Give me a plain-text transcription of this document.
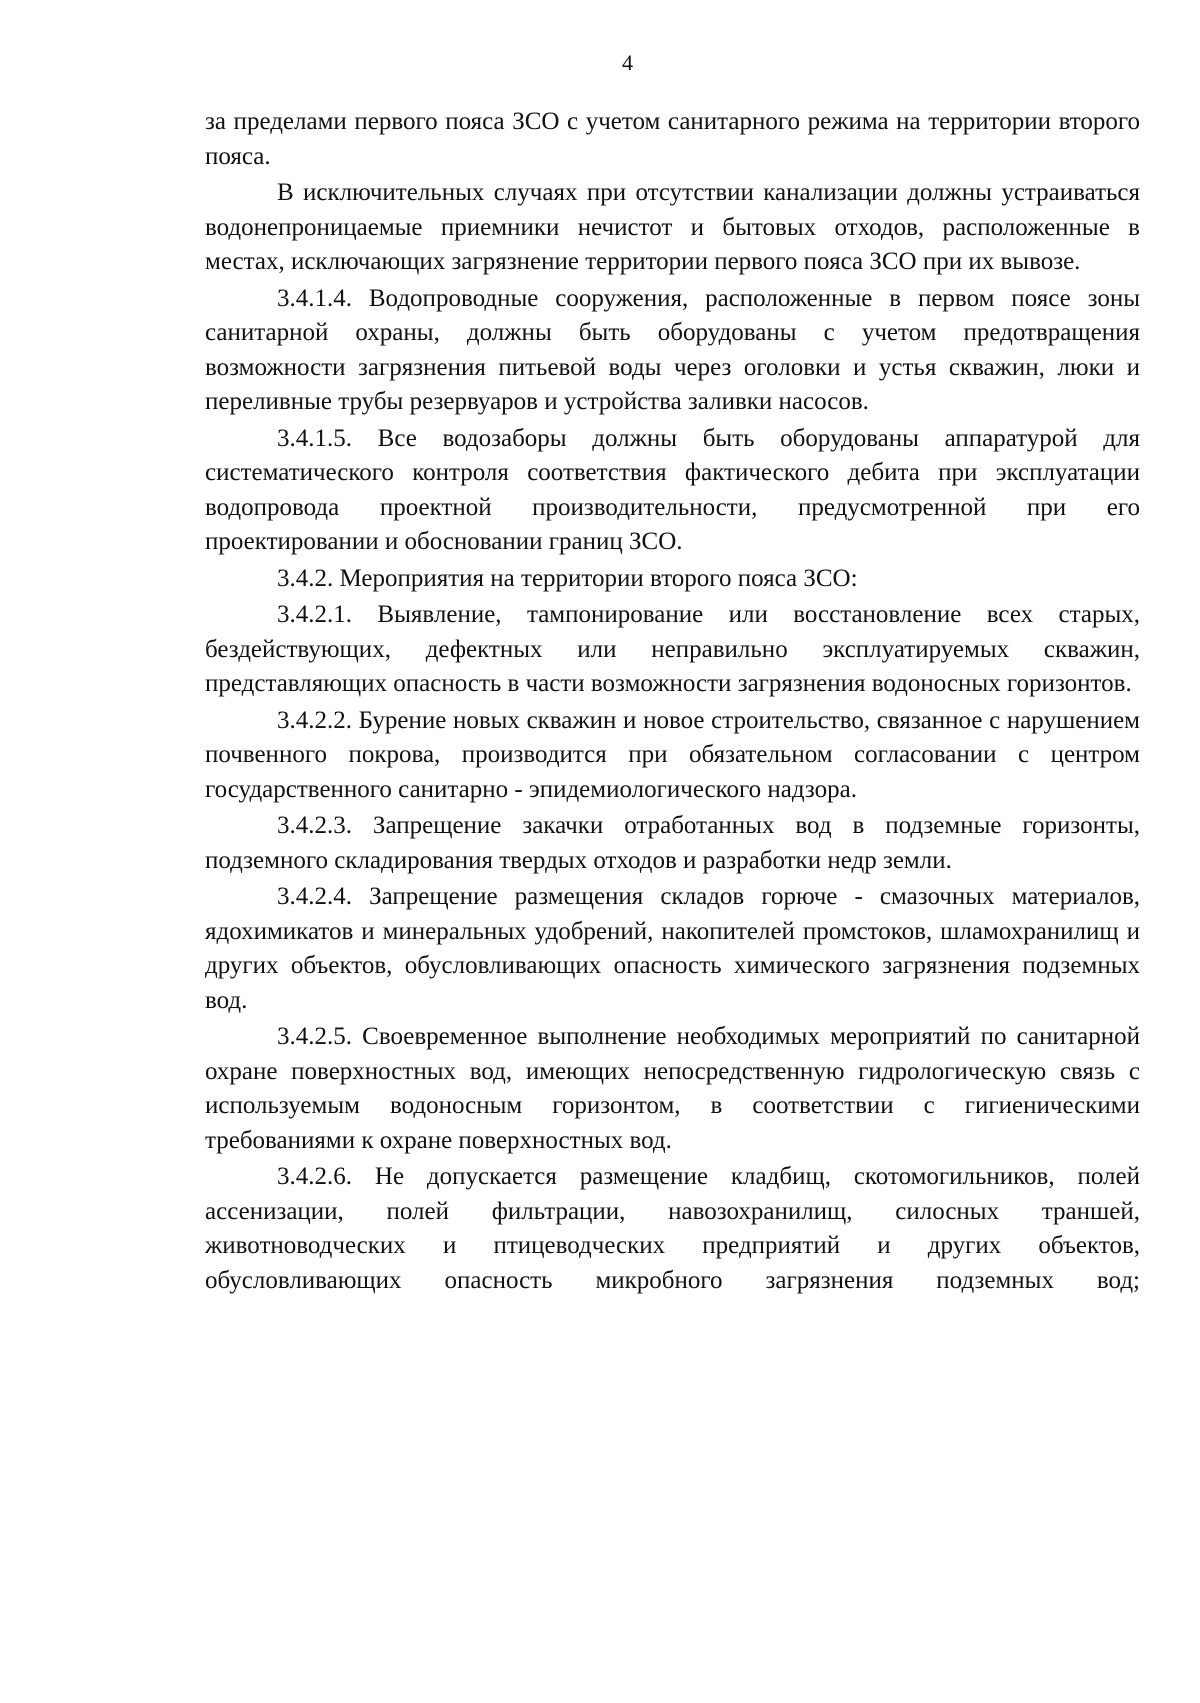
4

за пределами первого пояса ЗСО с учетом санитарного режима на территории второго пояса.

В исключительных случаях при отсутствии канализации должны устраиваться водонепроницаемые приемники нечистот и бытовых отходов, расположенные в местах, исключающих загрязнение территории первого пояса ЗСО при их вывозе.

3.4.1.4. Водопроводные сооружения, расположенные в первом поясе зоны санитарной охраны, должны быть оборудованы с учетом предотвращения возможности загрязнения питьевой воды через оголовки и устья скважин, люки и переливные трубы резервуаров и устройства заливки насосов.

3.4.1.5. Все водозаборы должны быть оборудованы аппаратурой для систематического контроля соответствия фактического дебита при эксплуатации водопровода проектной производительности, предусмотренной при его проектировании и обосновании границ ЗСО.

3.4.2. Мероприятия на территории второго пояса ЗСО:

3.4.2.1. Выявление, тампонирование или восстановление всех старых, бездействующих, дефектных или неправильно эксплуатируемых скважин, представляющих опасность в части возможности загрязнения водоносных горизонтов.

3.4.2.2. Бурение новых скважин и новое строительство, связанное с нарушением почвенного покрова, производится при обязательном согласовании с центром государственного санитарно - эпидемиологического надзора.

3.4.2.3. Запрещение закачки отработанных вод в подземные горизонты, подземного складирования твердых отходов и разработки недр земли.

3.4.2.4. Запрещение размещения складов горюче - смазочных материалов, ядохимикатов и минеральных удобрений, накопителей промстоков, шламохранилищ и других объектов, обусловливающих опасность химического загрязнения подземных вод.

3.4.2.5. Своевременное выполнение необходимых мероприятий по санитарной охране поверхностных вод, имеющих непосредственную гидрологическую связь с используемым водоносным горизонтом, в соответствии с гигиеническими требованиями к охране поверхностных вод.

3.4.2.6. Не допускается размещение кладбищ, скотомогильников, полей ассенизации, полей фильтрации, навозохранилищ, силосных траншей, животноводческих и птицеводческих предприятий и других объектов, обусловливающих опасность микробного загрязнения подземных вод;
